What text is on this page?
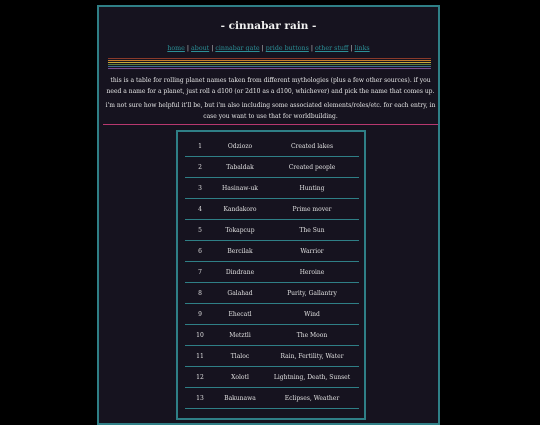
- cinnabar rain -
home | about | cinnabar gate | pride buttons | other stuff | links

this is a table for rolling planet names taken from different mythologies (plus a few other sources). if you need a name for a planet, just roll a d100 (or 2d10 as a d100, whichever) and pick the name that comes up.

i'm not sure how helpful it'll be, but i'm also including some associated elements/roles/etc. for each entry, in case you want to use that for worldbuilding.

1	Odziozo	Created lakes
2	Tabaldak	Created people
3	Hasinaw-uk	Hunting
4	Kandakoro	Prime mover
5	Tokapcup	The Sun
6	Bercilak	Warrior
7	Dindrane	Heroine
8	Galahad	Purity, Gallantry
9	Ehecatl	Wind
10	Metztli	The Moon
11	Tlaloc	Rain, Fertility, Water
12	Xolotl	Lightning, Death, Sunset
13	Bakunawa	Eclipses, Weather
